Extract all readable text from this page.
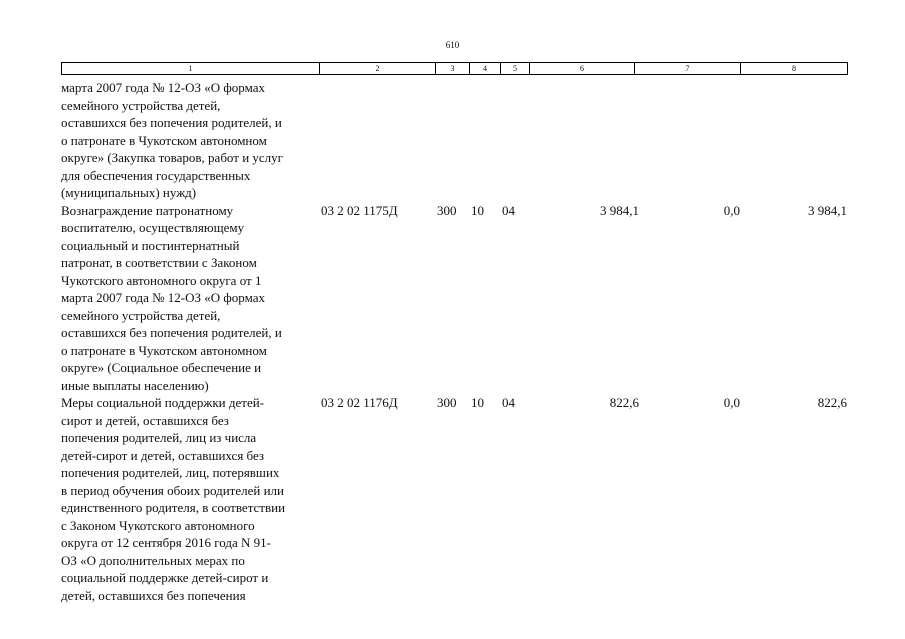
610
1	2	3	4	5	6	7	8
марта 2007 года № 12-ОЗ «О формах
семейного устройства детей,
оставшихся без попечения родителей, и
о патронате в Чукотском автономном
округе» (Закупка товаров, работ и услуг
для обеспечения государственных
(муниципальных) нужд)
Вознаграждение патронатному
воспитателю, осуществляющему
социальный и постинтернатный
патронат, в соответствии с Законом
Чукотского автономного округа от 1
марта 2007 года № 12-ОЗ «О формах
семейного устройства детей,
оставшихся без попечения родителей, и
о патронате в Чукотском автономном
округе» (Социальное обеспечение и
иные выплаты населению)
03 2 02 1175Д	300 10 04	3 984,1	0,0	3 984,1
Меры социальной поддержки детей-
сирот и детей, оставшихся без
попечения родителей, лиц из числа
детей-сирот и детей, оставшихся без
попечения родителей, лиц, потерявших
в период обучения обоих родителей или
единственного родителя, в соответствии
с Законом Чукотского автономного
округа от 12 сентября 2016 года N 91-
ОЗ «О дополнительных мерах по
социальной поддержке детей-сирот и
детей, оставшихся без попечения
03 2 02 1176Д	300 10 04	822,6	0,0	822,6
